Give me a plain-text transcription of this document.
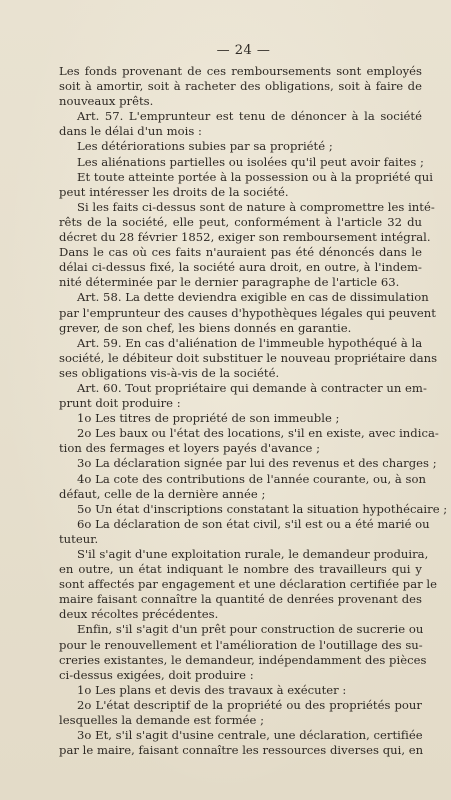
— 24 —
Les fonds provenant de ces remboursements sont employés
soit à amortir, soit à racheter des obligations, soit à faire de
nouveaux prêts.
Art. 57. L'emprunteur est tenu de dénoncer à la société
dans le délai d'un mois :
Les détériorations subies par sa propriété ;
Les aliénations partielles ou isolées qu'il peut avoir faites ;
Et toute atteinte portée à la possession ou à la propriété qui
peut intéresser les droits de la société.
Si les faits ci-dessus sont de nature à compromettre les inté-
rêts de la société, elle peut, conformément à l'article 32 du
décret du 28 février 1852, exiger son remboursement intégral.
Dans le cas où ces faits n'auraient pas été dénoncés dans le
délai ci-dessus fixé, la société aura droit, en outre, à l'indem-
nité déterminée par le dernier paragraphe de l'article 63.
Art. 58. La dette deviendra exigible en cas de dissimulation
par l'emprunteur des causes d'hypothèques légales qui peuvent
grever, de son chef, les biens donnés en garantie.
Art. 59. En cas d'aliénation de l'immeuble hypothéqué à la
société, le débiteur doit substituer le nouveau propriétaire dans
ses obligations vis-à-vis de la société.
Art. 60. Tout propriétaire qui demande à contracter un em-
prunt doit produire :
1o Les titres de propriété de son immeuble ;
2o Les baux ou l'état des locations, s'il en existe, avec indica-
tion des fermages et loyers payés d'avance ;
3o La déclaration signée par lui des revenus et des charges ;
4o La cote des contributions de l'année courante, ou, à son
défaut, celle de la dernière année ;
5o Un état d'inscriptions constatant la situation hypothécaire ;
6o La déclaration de son état civil, s'il est ou a été marié ou
tuteur.
S'il s'agit d'une exploitation rurale, le demandeur produira,
en outre, un état indiquant le nombre des travailleurs qui y
sont affectés par engagement et une déclaration certifiée par le
maire faisant connaître la quantité de denrées provenant des
deux récoltes précédentes.
Enfin, s'il s'agit d'un prêt pour construction de sucrerie ou
pour le renouvellement et l'amélioration de l'outillage des su-
creries existantes, le demandeur, indépendamment des pièces
ci-dessus exigées, doit produire :
1o Les plans et devis des travaux à exécuter :
2o L'état descriptif de la propriété ou des propriétés pour
lesquelles la demande est formée ;
3o Et, s'il s'agit d'usine centrale, une déclaration, certifiée
par le maire, faisant connaître les ressources diverses qui, en
